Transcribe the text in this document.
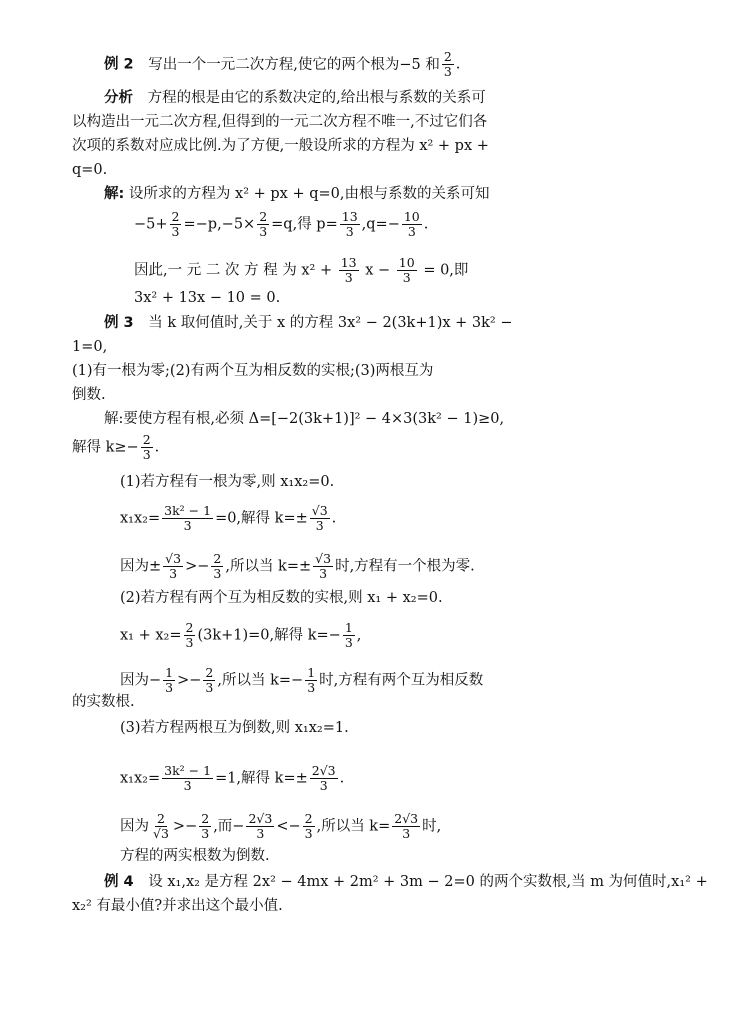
例 2 写出一个一元二次方程,使它的两个根为−5 和 $\frac{2}{3}$ .
分析 方程的根是由它的系数决定的,给出根与系数的关系可
以构造出一元二次方程,但得到的一元二次方程不唯一,不过它们各
次项的系数对应成比例.为了方便,一般设所求的方程为 x² + px +
q=0.
解: 设所求的方程为 x² + px + q=0,由根与系数的关系可知
$-5+ \frac{2}{3} =-p,-5\times \frac{2}{3} =q$,得 $p= \frac{13}{3} ,q=- \frac{10}{3}$ .
因此,一 元 二 次 方 程 为 $x^2 + \frac{13}{3}$ $x - \frac{10}{3} = 0$,即
3x² + 13x − 10 = 0.
例 3 当 k 取何值时,关于 x 的方程 3x² − 2(3k+1)x + 3k² −
1=0,
(1)有一根为零;(2)有两个互为相反数的实根;(3)两根互为
倒数.
解:要使方程有根,必须 Δ=[−2(3k+1)]² − 4×3(3k² − 1)≥0,
解得 $k\ge- \frac{2}{3}$ .
(1)若方程有一根为零,则 x₁x₂=0.
$x_1x_2= \frac{\text{3k² − 1}}{3} =0$,解得 $k=\pm \frac{√3}{3}$ .
因为± $\frac{√3}{3} >- \frac{2}{3}$ ,所以当 $k=\pm \frac{√3}{3}$ 时,方程有一个根为零.
(2)若方程有两个互为相反数的实根,则 x₁ + x₂=0.
$x_1 + x_2= \frac{2}{3} (3k+1)=0$,解得 $k=- \frac{1}{3}$ ,
因为− $\frac{1}{3} >- \frac{2}{3}$ ,所以当 $k=- \frac{1}{3}$ 时,方程有两个互为相反数
的实数根.
(3)若方程两根互为倒数,则 x₁x₂=1.
$x_1x_2= \frac{\text{3k² − 1}}{3} =1$,解得 $k=\pm \frac{2√3}{3}$ .
因为 $\frac{2}{√3} >- \frac{2}{3}$ ,而− $\frac{2√3}{3} <- \frac{2}{3}$ ,所以当 $k= \frac{2√3}{3}$ 时,
方程的两实根数为倒数.
例 4 设 x₁,x₂ 是方程 2x² − 4mx + 2m² + 3m − 2=0 的两个实数根,当 m 为何值时,x₁² +
x₂² 有最小值?并求出这个最小值.
